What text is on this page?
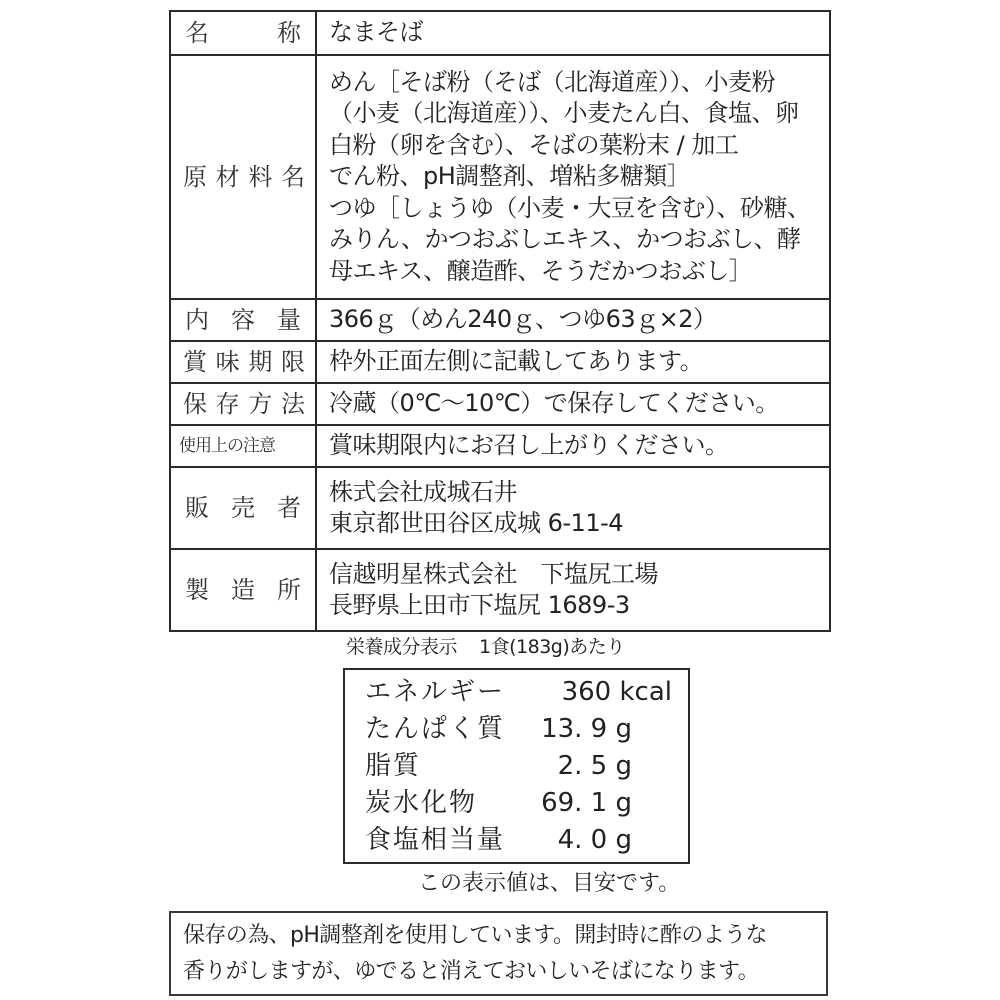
名　　称	なまそば

原材料名	
めん［そば粉（そば（北海道産））、小麦粉
（小麦（北海道産））、小麦たん白、食塩、卵
白粉（卵を含む）、そばの葉粉末 / 加工
でん粉、pH調整剤、増粘多糖類］
つゆ［しょうゆ（小麦・大豆を含む）、砂糖、
みりん、かつおぶしエキス、かつおぶし、酵
母エキス、醸造酢、そうだかつおぶし］

内容量	366ｇ（めん240ｇ、つゆ63ｇ×2）

賞味期限	枠外正面左側に記載してあります。

保存方法	冷蔵（0℃〜10℃）で保存してください。

使用上の注意	賞味期限内にお召し上がりください。

販売者	株式会社成城石井
東京都世田谷区成城 6-11-4

製造所	信越明星株式会社　下塩尻工場
長野県上田市下塩尻 1689-3
栄養成分表示 1食(183g)あたり
エネルギー 360 kcal
たんぱく質 13. 9 g
脂質	2. 5 g
炭水化物 69. 1 g
食塩相当量 4. 0 g
この表示値は、目安です。
保存の為、pH調整剤を使用しています。開封時に酢のような
香りがしますが、ゆでると消えておいしいそばになります。
